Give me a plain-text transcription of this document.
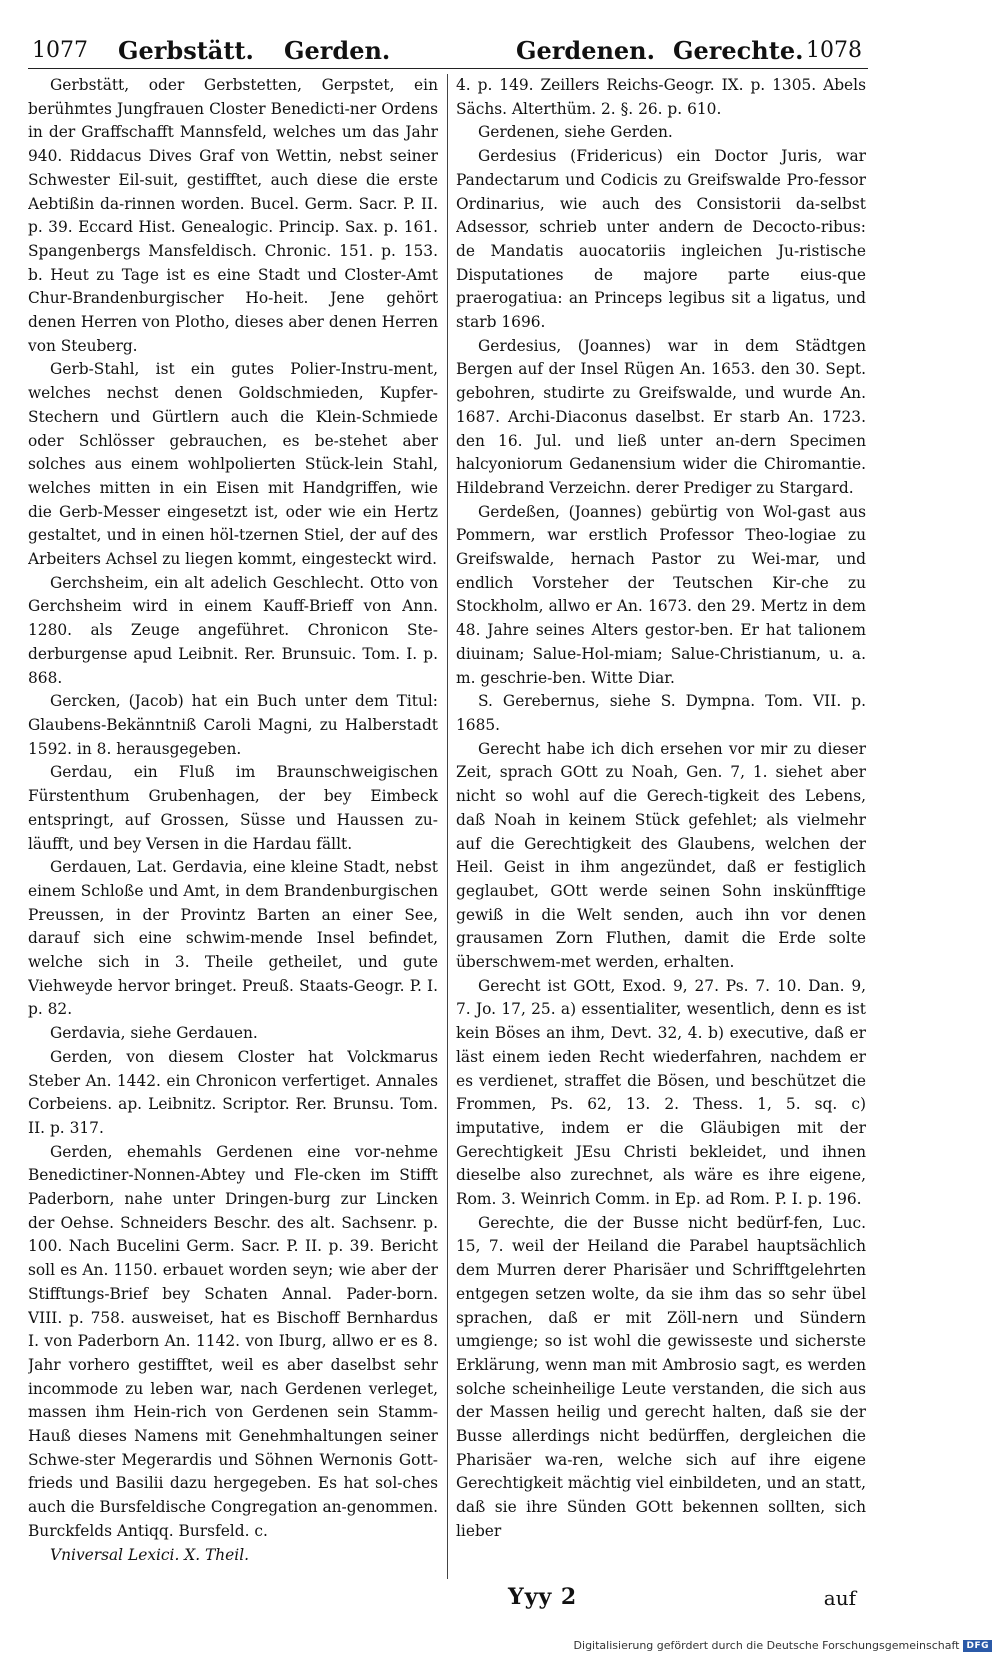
1077 Gerbstätt. Gerden.	Gerdenen. Gerechte. 1078

Gerbstätt, oder Gerbstetten, Gerpstet, ein berühmtes Jungfrauen Closter Benedicti-ner Ordens in der Graffschafft Mannsfeld, welches um das Jahr 940. Riddacus Dives Graf von Wettin, nebst seiner Schwester Eil-suit, gestifftet, auch diese die erste Aebtißin da-rinnen worden. Bucel. Germ. Sacr. P. II. p. 39. Eccard Hist. Genealogic. Princip. Sax. p. 161. Spangenbergs Mansfeldisch. Chronic. 151. p. 153. b. Heut zu Tage ist es eine Stadt und Closter-Amt Chur-Brandenburgischer Ho-heit. Jene gehört denen Herren von Plotho, dieses aber denen Herren von Steuberg.

Gerb-Stahl, ist ein gutes Polier-Instru-ment, welches nechst denen Goldschmieden, Kupfer-Stechern und Gürtlern auch die Klein-Schmiede oder Schlösser gebrauchen, es be-stehet aber solches aus einem wohlpolierten Stück-lein Stahl, welches mitten in ein Eisen mit Handgriffen, wie die Gerb-Messer eingesetzt ist, oder wie ein Hertz gestaltet, und in einen höl-tzernen Stiel, der auf des Arbeiters Achsel zu liegen kommt, eingesteckt wird.

Gerchsheim, ein alt adelich Geschlecht. Otto von Gerchsheim wird in einem Kauff-Brieff von Ann. 1280. als Zeuge angeführet. Chronicon Ste-derburgense apud Leibnit. Rer. Brunsuic. Tom. I. p. 868.

Gercken, (Jacob) hat ein Buch unter dem Titul: Glaubens-Bekänntniß Caroli Magni, zu Halberstadt 1592. in 8. herausgegeben.

Gerdau, ein Fluß im Braunschweigischen Fürstenthum Grubenhagen, der bey Eimbeck entspringt, auf Grossen, Süsse und Haussen zu-läufft, und bey Versen in die Hardau fällt.

Gerdauen, Lat. Gerdavia, eine kleine Stadt, nebst einem Schloße und Amt, in dem Brandenburgischen Preussen, in der Provintz Barten an einer See, darauf sich eine schwim-mende Insel befindet, welche sich in 3. Theile getheilet, und gute Viehweyde hervor bringet. Preuß. Staats-Geogr. P. I. p. 82.

Gerdavia, siehe Gerdauen.

Gerden, von diesem Closter hat Volckmarus Steber An. 1442. ein Chronicon verfertiget. Annales Corbeiens. ap. Leibnitz. Scriptor. Rer. Brunsu. Tom. II. p. 317.

Gerden, ehemahls Gerdenen eine vor-nehme Benedictiner-Nonnen-Abtey und Fle-cken im Stifft Paderborn, nahe unter Dringen-burg zur Lincken der Oehse. Schneiders Beschr. des alt. Sachsenr. p. 100. Nach Bucelini Germ. Sacr. P. II. p. 39. Bericht soll es An. 1150. erbauet worden seyn; wie aber der Stifftungs-Brief bey Schaten Annal. Pader-born. VIII. p. 758. ausweiset, hat es Bischoff Bernhardus I. von Paderborn An. 1142. von Iburg, allwo er es 8. Jahr vorhero gestifftet, weil es aber daselbst sehr incommode zu leben war, nach Gerdenen verleget, massen ihm Hein-rich von Gerdenen sein Stamm-Hauß dieses Namens mit Genehmhaltungen seiner Schwe-ster Megerardis und Söhnen Wernonis Gott-frieds und Basilii dazu hergegeben. Es hat sol-ches auch die Bursfeldische Congregation an-genommen. Burckfelds Antiqq. Bursfeld. c.

Vniversal Lexici. X. Theil.

4. p. 149. Zeillers Reichs-Geogr. IX. p. 1305. Abels Sächs. Alterthüm. 2. §. 26. p. 610.

Gerdenen, siehe Gerden.

Gerdesius (Fridericus) ein Doctor Juris, war Pandectarum und Codicis zu Greifswalde Pro-fessor Ordinarius, wie auch des Consistorii da-selbst Adsessor, schrieb unter andern de Decocto-ribus: de Mandatis auocatoriis ingleichen Ju-ristische Disputationes de majore parte eius-que praerogatiua: an Princeps legibus sit a ligatus, und starb 1696.

Gerdesius, (Joannes) war in dem Städtgen Bergen auf der Insel Rügen An. 1653. den 30. Sept. gebohren, studirte zu Greifswalde, und wurde An. 1687. Archi-Diaconus daselbst. Er starb An. 1723. den 16. Jul. und ließ unter an-dern Specimen halcyoniorum Gedanensium wider die Chiromantie. Hildebrand Verzeichn. derer Prediger zu Stargard.

Gerdeßen, (Joannes) gebürtig von Wol-gast aus Pommern, war erstlich Professor Theo-logiae zu Greifswalde, hernach Pastor zu Wei-mar, und endlich Vorsteher der Teutschen Kir-che zu Stockholm, allwo er An. 1673. den 29. Mertz in dem 48. Jahre seines Alters gestor-ben. Er hat talionem diuinam; Salue-Hol-miam; Salue-Christianum, u. a. m. geschrie-ben. Witte Diar.

S. Gerebernus, siehe S. Dympna. Tom. VII. p. 1685.

Gerecht habe ich dich ersehen vor mir zu dieser Zeit, sprach GOtt zu Noah, Gen. 7, 1. siehet aber nicht so wohl auf die Gerech-tigkeit des Lebens, daß Noah in keinem Stück gefehlet; als vielmehr auf die Gerechtigkeit des Glaubens, welchen der Heil. Geist in ihm angezündet, daß er festiglich geglaubet, GOtt werde seinen Sohn inskünfftige gewiß in die Welt senden, auch ihn vor denen grausamen Zorn Fluthen, damit die Erde solte überschwem-met werden, erhalten.

Gerecht ist GOtt, Exod. 9, 27. Ps. 7. 10. Dan. 9, 7. Jo. 17, 25. a) essentialiter, wesentlich, denn es ist kein Böses an ihm, Devt. 32, 4. b) executive, daß er läst einem ieden Recht wiederfahren, nachdem er es verdienet, straffet die Bösen, und beschützet die Frommen, Ps. 62, 13. 2. Thess. 1, 5. sq. c) imputative, indem er die Gläubigen mit der Gerechtigkeit JEsu Christi bekleidet, und ihnen dieselbe also zurechnet, als wäre es ihre eigene, Rom. 3. Weinrich Comm. in Ep. ad Rom. P. I. p. 196.

Gerechte, die der Busse nicht bedürf-fen, Luc. 15, 7. weil der Heiland die Parabel hauptsächlich dem Murren derer Pharisäer und Schrifftgelehrten entgegen setzen wolte, da sie ihm das so sehr übel sprachen, daß er mit Zöll-nern und Sündern umgienge; so ist wohl die gewisseste und sicherste Erklärung, wenn man mit Ambrosio sagt, es werden solche scheinheilige Leute verstanden, die sich aus der Massen heilig und gerecht halten, daß sie der Busse allerdings nicht bedürffen, dergleichen die Pharisäer wa-ren, welche sich auf ihre eigene Gerechtigkeit mächtig viel einbildeten, und an statt, daß sie ihre Sünden GOtt bekennen sollten, sich lieber

Yyy 2	auf
Digitalisierung gefördert durch die Deutsche Forschungsgemeinschaft DFG
